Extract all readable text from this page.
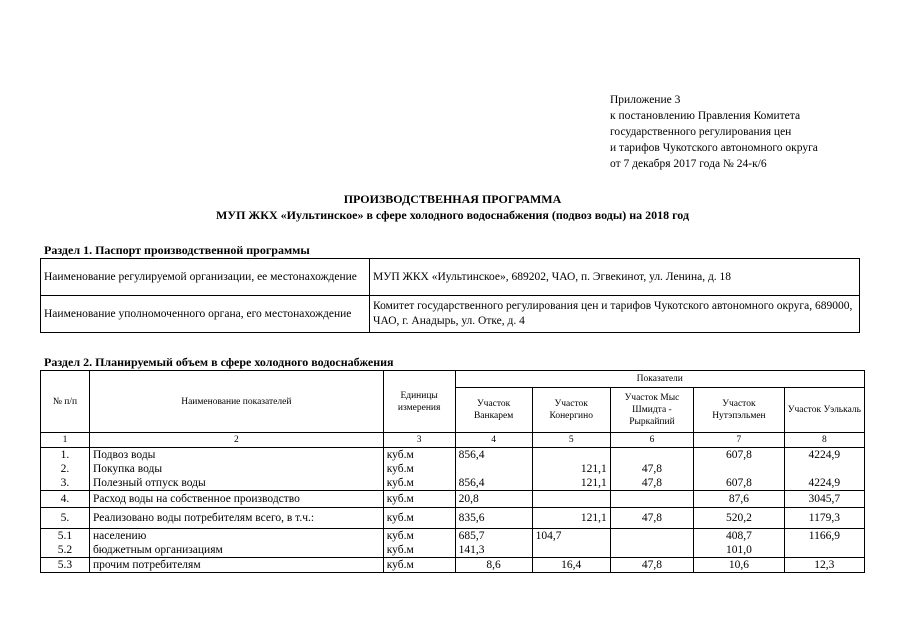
Приложение 3
к постановлению Правления Комитета
государственного регулирования цен
и тарифов Чукотского автономного округа
от 7 декабря 2017 года № 24-к/6
ПРОИЗВОДСТВЕННАЯ ПРОГРАММА
МУП ЖКХ «Иультинское» в сфере холодного водоснабжения (подвоз воды) на 2018 год
Раздел 1. Паспорт производственной программы
Наименование регулируемой организации, ее местонахождение	МУП ЖКХ «Иультинское», 689202, ЧАО, п. Эгвекинот, ул. Ленина, д. 18
Наименование уполномоченного органа, его местонахождение	Комитет государственного регулирования цен и тарифов Чукотского автономного округа, 689000, ЧАО, г. Анадырь, ул. Отке, д. 4
Раздел 2. Планируемый объем в сфере холодного водоснабжения
№ п/п	Наименование показателей	Единицы измерения	Показатели				
			Участок Ванкарем	Участок Конергино	Участок Мыс Шмидта - Рыркайпий	Участок Нутэпэльмен	Участок Уэлькаль
1	2	3	4	5	6	7	8
1.	Подвоз воды	куб.м	856,4			607,8	4224,9
2.	Покупка воды	куб.м		121,1	47,8		
3.	Полезный отпуск воды	куб.м	856,4	121,1	47,8	607,8	4224,9
4.	Расход воды на собственное производство	куб.м	20,8			87,6	3045,7
5.	Реализовано воды потребителям всего, в т.ч.:	куб.м	835,6	121,1	47,8	520,2	1179,3
5.1	населению	куб.м	685,7	104,7		408,7	1166,9
5.2	бюджетным организациям	куб.м	141,3			101,0	
5.3	прочим потребителям	куб.м	8,6	16,4	47,8	10,6	12,3
